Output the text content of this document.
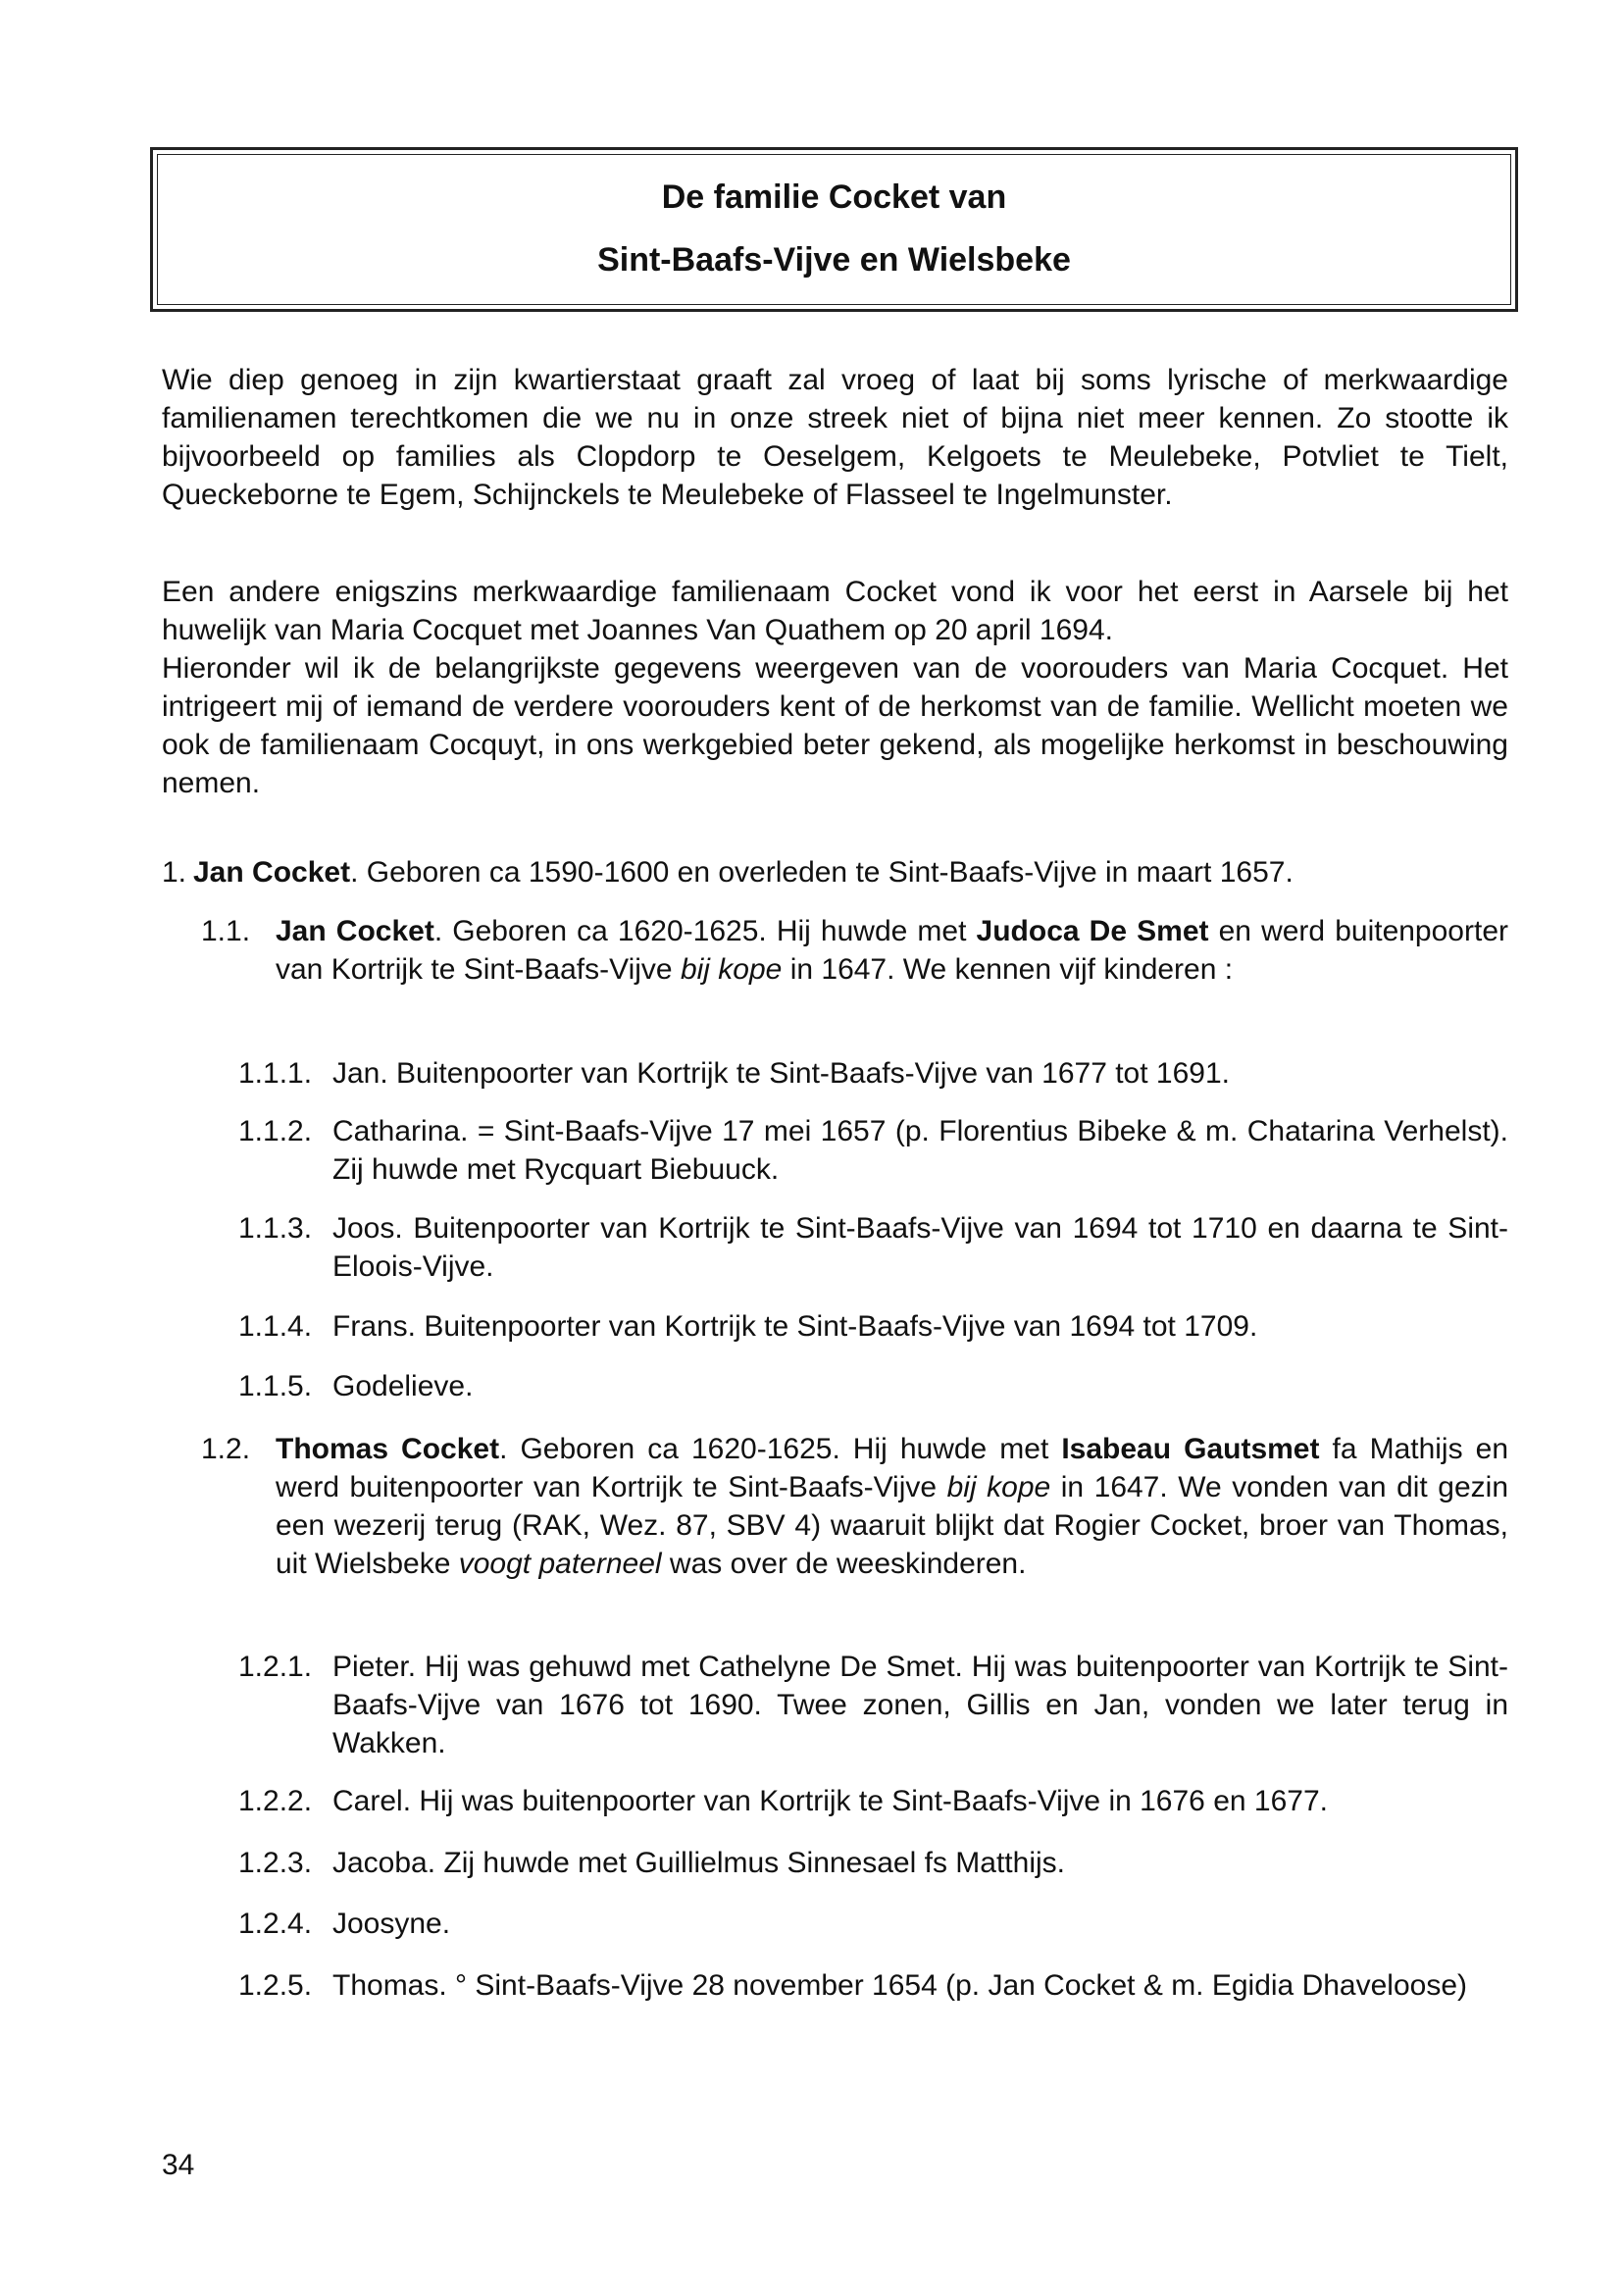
De familie Cocket van
Sint-Baafs-Vijve en Wielsbeke

Wie diep genoeg in zijn kwartierstaat graaft zal vroeg of laat bij soms lyrische of merkwaardige familienamen terechtkomen die we nu in onze streek niet of bijna niet meer kennen. Zo stootte ik bijvoorbeeld op families als Clopdorp te Oeselgem, Kelgoets te Meulebeke, Potvliet te Tielt, Queckeborne te Egem, Schijnckels te Meulebeke of Flasseel te Ingelmunster.

Een andere enigszins merkwaardige familienaam Cocket vond ik voor het eerst in Aarsele bij het huwelijk van Maria Cocquet met Joannes Van Quathem op 20 april 1694.

Hieronder wil ik de belangrijkste gegevens weergeven van de voorouders van Maria Cocquet. Het intrigeert mij of iemand de verdere voorouders kent of de herkomst van de familie. Wellicht moeten we ook de familienaam Cocquyt, in ons werkgebied beter gekend, als mogelijke herkomst in beschouwing nemen.

1. Jan Cocket. Geboren ca 1590-1600 en overleden te Sint-Baafs-Vijve in maart 1657.
1.1. Jan Cocket. Geboren ca 1620-1625. Hij huwde met Judoca De Smet en werd buitenpoorter van Kortrijk te Sint-Baafs-Vijve bij kope in 1647. We kennen vijf kinderen :
1.1.1. Jan. Buitenpoorter van Kortrijk te Sint-Baafs-Vijve van 1677 tot 1691.
1.1.2. Catharina. = Sint-Baafs-Vijve 17 mei 1657 (p. Florentius Bibeke & m. Chatarina Verhelst). Zij huwde met Rycquart Biebuuck.
1.1.3. Joos. Buitenpoorter van Kortrijk te Sint-Baafs-Vijve van 1694 tot 1710 en daarna te Sint-Eloois-Vijve.
1.1.4. Frans. Buitenpoorter van Kortrijk te Sint-Baafs-Vijve van 1694 tot 1709.
1.1.5. Godelieve.
1.2. Thomas Cocket. Geboren ca 1620-1625. Hij huwde met Isabeau Gautsmet fa Mathijs en werd buitenpoorter van Kortrijk te Sint-Baafs-Vijve bij kope in 1647. We vonden van dit gezin een wezerij terug (RAK, Wez. 87, SBV 4) waaruit blijkt dat Rogier Cocket, broer van Thomas, uit Wielsbeke voogt paterneel was over de weeskinderen.
1.2.1. Pieter. Hij was gehuwd met Cathelyne De Smet. Hij was buitenpoorter van Kortrijk te Sint-Baafs-Vijve van 1676 tot 1690. Twee zonen, Gillis en Jan, vonden we later terug in Wakken.
1.2.2. Carel. Hij was buitenpoorter van Kortrijk te Sint-Baafs-Vijve in 1676 en 1677.
1.2.3. Jacoba. Zij huwde met Guillielmus Sinnesael fs Matthijs.
1.2.4. Joosyne.
1.2.5. Thomas. ° Sint-Baafs-Vijve 28 november 1654 (p. Jan Cocket & m. Egidia Dhaveloose)
34
